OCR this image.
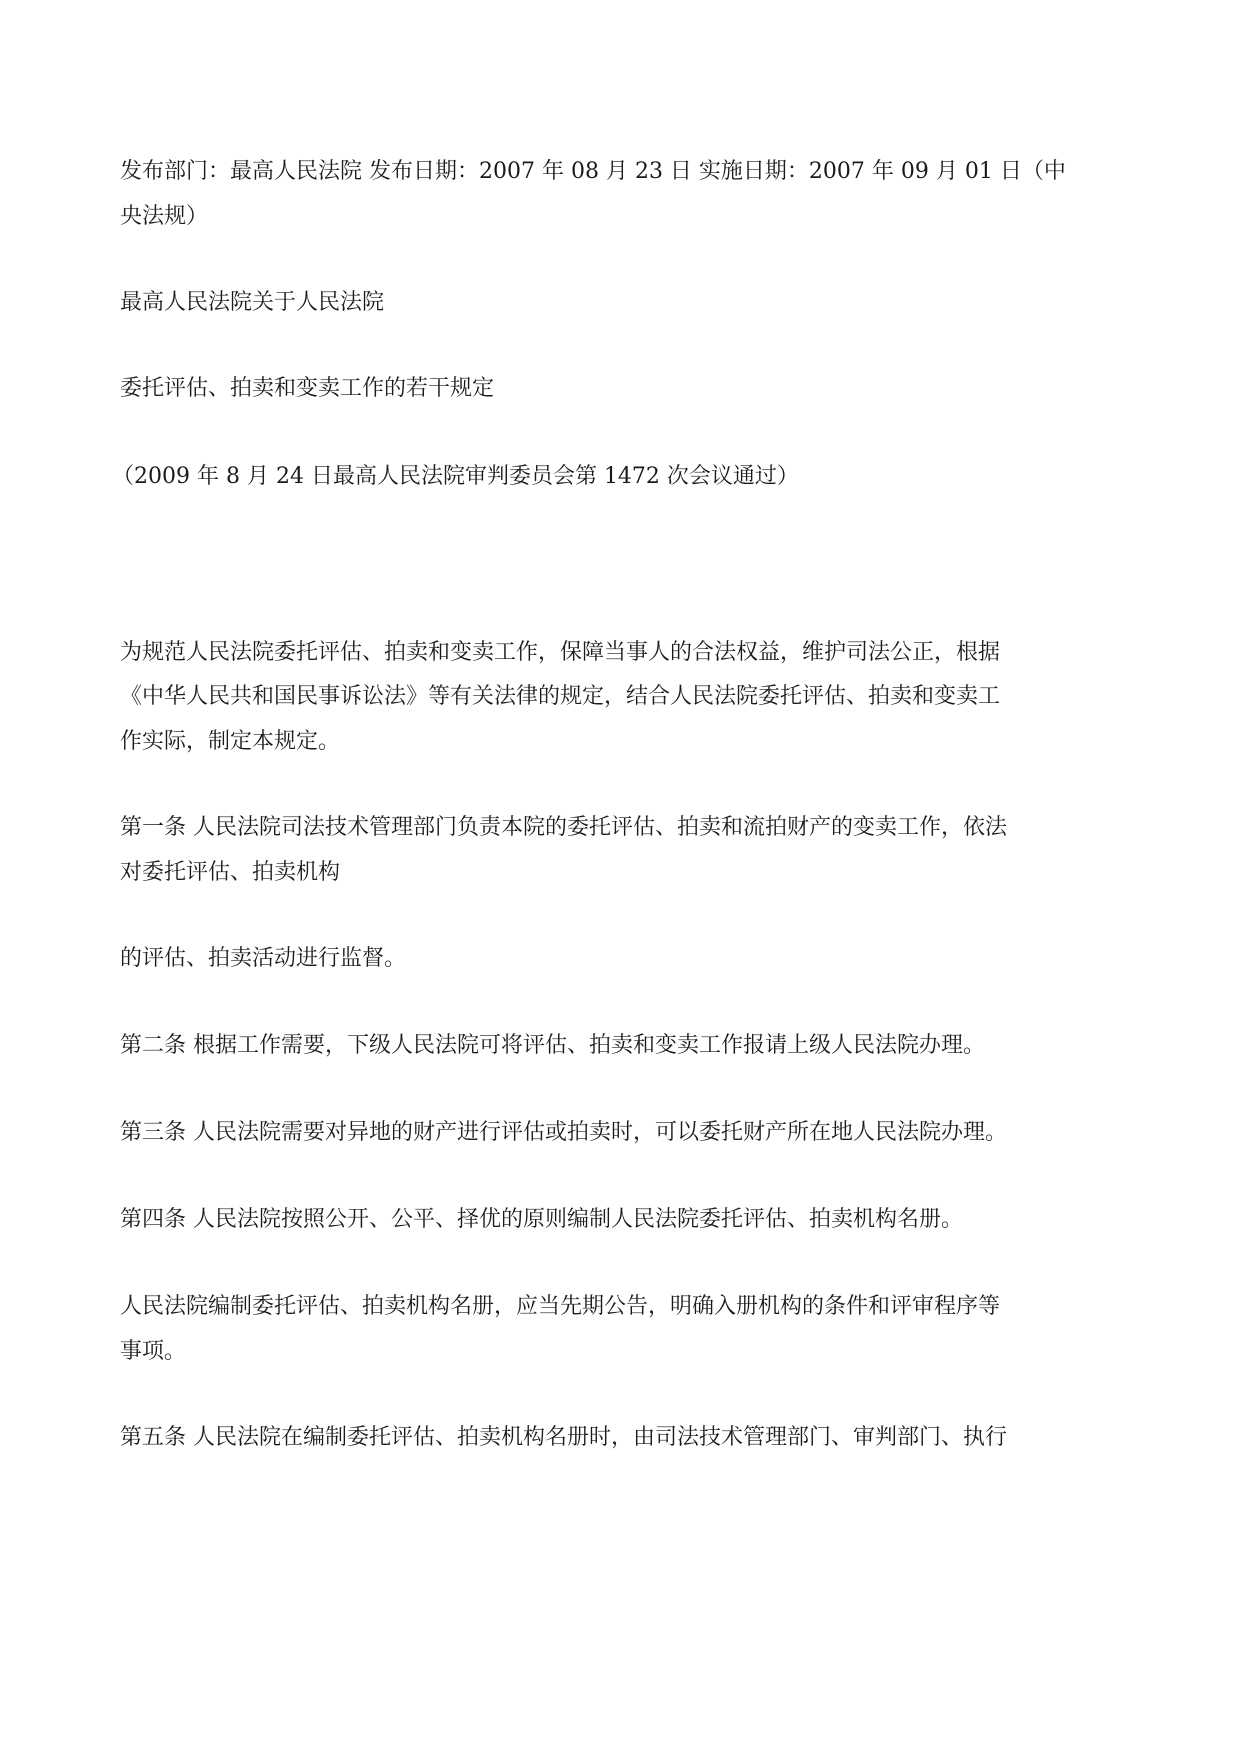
发布部门：最高人民法院 发布日期：2007 年 08 月 23 日 实施日期：2007 年 09 月 01 日（中
央法规）
最高人民法院关于人民法院
委托评估、拍卖和变卖工作的若干规定
（2009 年 8 月 24 日最高人民法院审判委员会第 1472 次会议通过）
为规范人民法院委托评估、拍卖和变卖工作，保障当事人的合法权益，维护司法公正，根据
《中华人民共和国民事诉讼法》等有关法律的规定，结合人民法院委托评估、拍卖和变卖工
作实际，制定本规定。
第一条 人民法院司法技术管理部门负责本院的委托评估、拍卖和流拍财产的变卖工作，依法
对委托评估、拍卖机构
的评估、拍卖活动进行监督。
第二条 根据工作需要，下级人民法院可将评估、拍卖和变卖工作报请上级人民法院办理。
第三条 人民法院需要对异地的财产进行评估或拍卖时，可以委托财产所在地人民法院办理。
第四条 人民法院按照公开、公平、择优的原则编制人民法院委托评估、拍卖机构名册。
人民法院编制委托评估、拍卖机构名册，应当先期公告，明确入册机构的条件和评审程序等
事项。
第五条 人民法院在编制委托评估、拍卖机构名册时，由司法技术管理部门、审判部门、执行
